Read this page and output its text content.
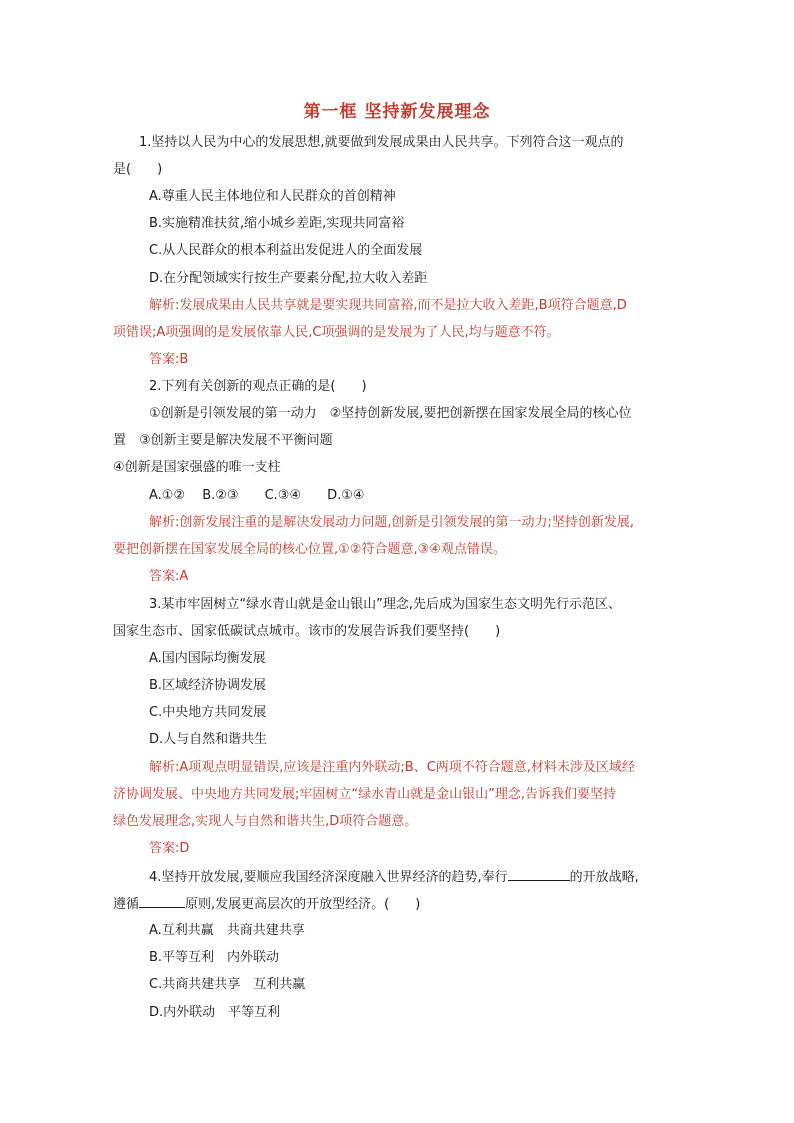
第一框 坚持新发展理念
1.坚持以人民为中心的发展思想,就要做到发展成果由人民共享。下列符合这一观点的
是(　　)
A.尊重人民主体地位和人民群众的首创精神
B.实施精准扶贫,缩小城乡差距,实现共同富裕
C.从人民群众的根本利益出发促进人的全面发展
D.在分配领域实行按生产要素分配,拉大收入差距
解析:发展成果由人民共享就是要实现共同富裕,而不是拉大收入差距,B项符合题意,D
项错误;A项强调的是发展依靠人民,C项强调的是发展为了人民,均与题意不符。
答案:B
2.下列有关创新的观点正确的是(　　)
①创新是引领发展的第一动力　②坚持创新发展,要把创新摆在国家发展全局的核心位
置　③创新主要是解决发展不平衡问题
④创新是国家强盛的唯一支柱
A.①②　 B.②③　　C.③④　　D.①④
解析:创新发展注重的是解决发展动力问题,创新是引领发展的第一动力;坚持创新发展,
要把创新摆在国家发展全局的核心位置,①②符合题意,③④观点错误。
答案:A
3.某市牢固树立“绿水青山就是金山银山”理念,先后成为国家生态文明先行示范区、
国家生态市、国家低碳试点城市。该市的发展告诉我们要坚持(　　)
A.国内国际均衡发展
B.区域经济协调发展
C.中央地方共同发展
D.人与自然和谐共生
解析:A项观点明显错误,应该是注重内外联动;B、C两项不符合题意,材料未涉及区域经
济协调发展、中央地方共同发展;牢固树立“绿水青山就是金山银山”理念,告诉我们要坚持
绿色发展理念,实现人与自然和谐共生,D项符合题意。
答案:D
4.坚持开放发展,要顺应我国经济深度融入世界经济的趋势,奉行	的开放战略,
遵循	原则,发展更高层次的开放型经济。(　　)
A.互利共赢　共商共建共享
B.平等互利　内外联动
C.共商共建共享　互利共赢
D.内外联动　平等互利
